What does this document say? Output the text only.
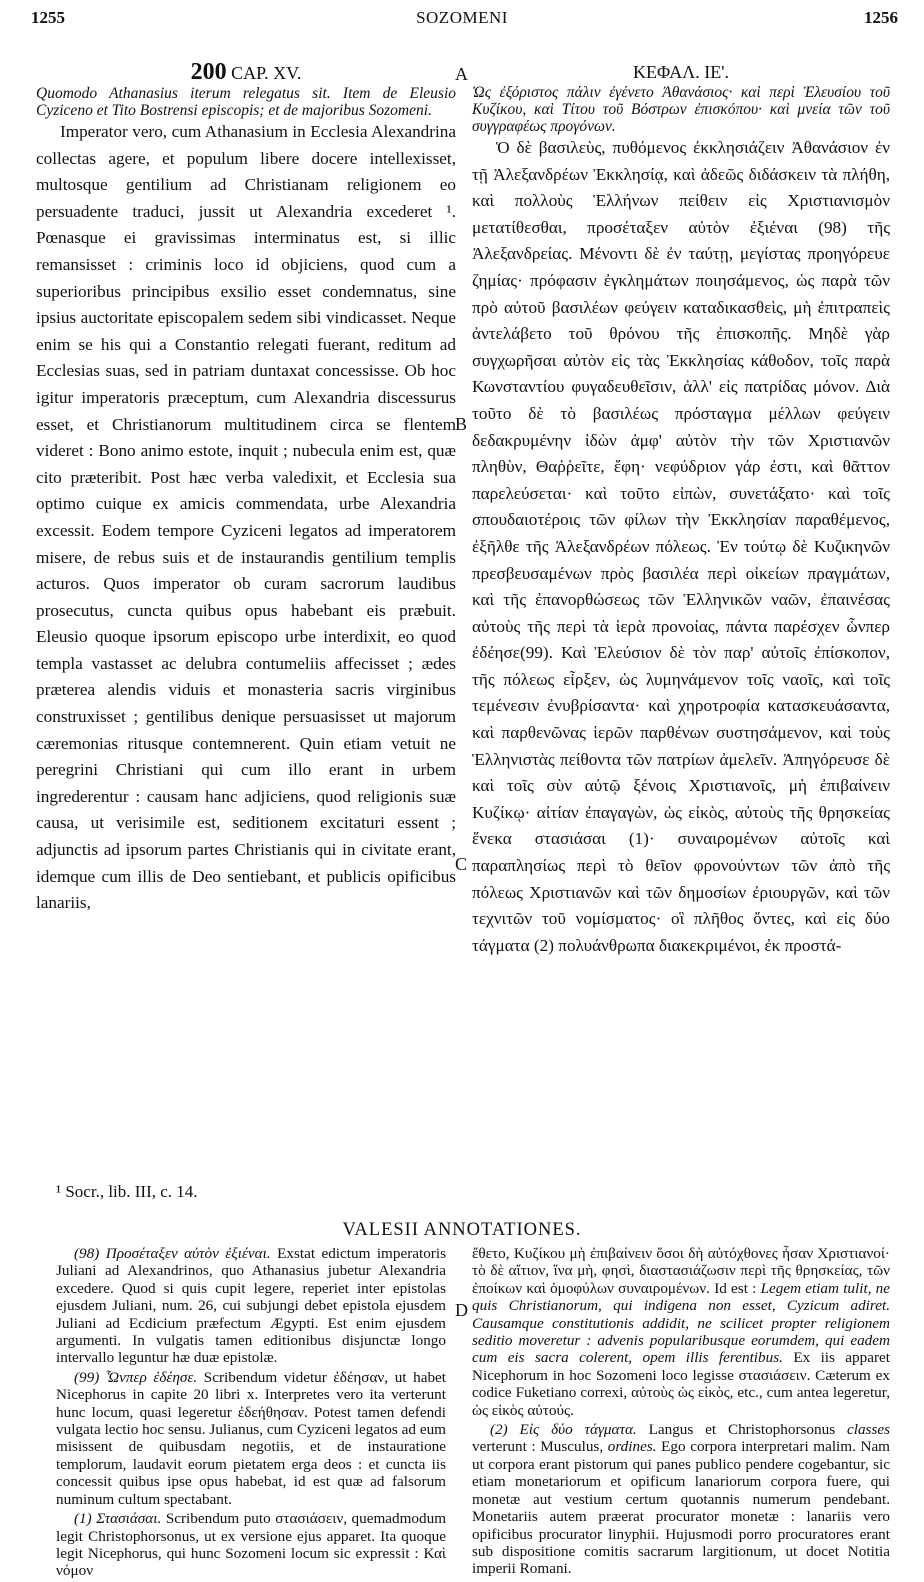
1255	SOZOMENI	1256
200 CAP. XV.

Quomodo Athanasius iterum relegatus sit. Item de Eleusio Cyziceno et Tito Bostrensi episcopis; et de majoribus Sozomeni.

Imperator vero, cum Athanasium in Ecclesia Alexandrina collectas agere, et populum libere docere intellexisset, multosque gentilium ad Christianam religionem eo persuadente traduci, jussit ut Alexandria excederet ¹. Pœnasque ei gravissimas interminatus est, si illic remansisset : criminis loco id objiciens, quod cum a superioribus principibus exsilio esset condemnatus, sine ipsius auctoritate episcopalem sedem sibi vindicasset. Neque enim se his qui a Constantio relegati fuerant, reditum ad Ecclesias suas, sed in patriam duntaxat concessisse. Ob hoc igitur imperatoris præceptum, cum Alexandria discessurus esset, et Christianorum multitudinem circa se flentem videret : Bono animo estote, inquit ; nubecula enim est, quæ cito præteribit. Post hæc verba valedixit, et Ecclesia sua optimo cuique ex amicis commendata, urbe Alexandria excessit. Eodem tempore Cyziceni legatos ad imperatorem misere, de rebus suis et de instaurandis gentilium templis acturos. Quos imperator ob curam sacrorum laudibus prosecutus, cuncta quibus opus habebant eis præbuit. Eleusio quoque ipsorum episcopo urbe interdixit, eo quod templa vastasset ac delubra contumeliis affecisset ; ædes præterea alendis viduis et monasteria sacris virginibus construxisset ; gentilibus denique persuasisset ut majorum cæremonias ritusque contemnerent. Quin etiam vetuit ne peregrini Christiani qui cum illo erant in urbem ingrederentur : causam hanc adjiciens, quod religionis suæ causa, ut verisimile est, seditionem excitaturi essent ; adjunctis ad ipsorum partes Christianis qui in civitate erant, idemque cum illis de Deo sentiebant, et publicis opificibus lanariis,

ΚΕΦΑΛ. ΙΕ'.

Ὡς ἐξόριστος πάλιν ἐγένετο Ἀθανάσιος· καὶ περὶ Ἐλευσίου τοῦ Κυζίκου, καὶ Τίτου τοῦ Βόστρων ἐπισκόπου· καὶ μνεία τῶν τοῦ συγγραφέως προγόνων.

Ὁ δὲ βασιλεὺς, πυθόμενος ἐκκλησιάζειν Ἀθανάσιον ἐν τῇ Ἀλεξανδρέων Ἐκκλησίᾳ, καὶ ἀδεῶς διδάσκειν τὰ πλήθη, καὶ πολλοὺς Ἑλλήνων πείθειν εἰς Χριστιανισμὸν μετατίθεσθαι, προσέταξεν αὐτὸν ἐξιέναι (98) τῆς Ἀλεξανδρείας. Μένοντι δὲ ἐν ταύτῃ, μεγίστας προηγόρευε ζημίας· πρόφασιν ἐγκλημάτων ποιησάμενος, ὡς παρὰ τῶν πρὸ αὐτοῦ βασιλέων φεύγειν καταδικασθεὶς, μὴ ἐπιτραπεὶς ἀντελάβετο τοῦ θρόνου τῆς ἐπισκοπῆς. Μηδὲ γὰρ συγχωρῆσαι αὐτὸν εἰς τὰς Ἐκκλησίας κάθοδον, τοῖς παρὰ Κωνσταντίου φυγαδευθεῖσιν, ἀλλ' εἰς πατρίδας μόνον. Διὰ τοῦτο δὲ τὸ βασιλέως πρόσταγμα μέλλων φεύγειν δεδακρυμένην ἰδὼν ἀμφ' αὐτὸν τὴν τῶν Χριστιανῶν πληθὺν, Θαῤῥεῖτε, ἔφη· νεφύδριον γάρ ἐστι, καὶ θᾶττον παρελεύσεται· καὶ τοῦτο εἰπὼν, συνετάξατο· καὶ τοῖς σπουδαιοτέροις τῶν φίλων τὴν Ἐκκλησίαν παραθέμενος, ἐξῆλθε τῆς Ἀλεξανδρέων πόλεως. Ἐν τούτῳ δὲ Κυζικηνῶν πρεσβευσαμένων πρὸς βασιλέα περὶ οἰκείων πραγμάτων, καὶ τῆς ἐπανορθώσεως τῶν Ἑλληνικῶν ναῶν, ἐπαινέσας αὐτοὺς τῆς περὶ τὰ ἱερὰ προνοίας, πάντα παρέσχεν ὧνπερ ἐδέησε(99). Καὶ Ἐλεύσιον δὲ τὸν παρ' αὐτοῖς ἐπίσκοπον, τῆς πόλεως εἶρξεν, ὡς λυμηνάμενον τοῖς ναοῖς, καὶ τοῖς τεμένεσιν ἐνυβρίσαντα· καὶ χηροτροφία κατασκευάσαντα, καὶ παρθενῶνας ἱερῶν παρθένων συστησάμενον, καὶ τοὺς Ἑλληνιστὰς πείθοντα τῶν πατρίων ἀμελεῖν. Ἀπηγόρευσε δὲ καὶ τοῖς σὺν αὐτῷ ξένοις Χριστιανοῖς, μὴ ἐπιβαίνειν Κυζίκῳ· αἰτίαν ἐπαγαγὼν, ὡς εἰκὸς, αὐτοὺς τῆς θρησκείας ἕνεκα στασιάσαι (1)· συναιρομένων αὐτοῖς καὶ παραπλησίως περὶ τὸ θεῖον φρονούντων τῶν ἀπὸ τῆς πόλεως Χριστιανῶν καὶ τῶν δημοσίων ἐριουργῶν, καὶ τῶν τεχνιτῶν τοῦ νομίσματος· οἳ πλῆθος ὄντες, καὶ εἰς δύο τάγματα (2) πολυάνθρωπα διακεκριμένοι, ἐκ προστά-

A
B
C
D
¹ Socr., lib. III, c. 14.
VALESII ANNOTATIONES.

(98) Προσέταξεν αὐτὸν ἐξιέναι. Exstat edictum imperatoris Juliani ad Alexandrinos, quo Athanasius jubetur Alexandria excedere. Quod si quis cupit legere, reperiet inter epistolas ejusdem Juliani, num. 26, cui subjungi debet epistola ejusdem Juliani ad Ecdicium præfectum Ægypti. Est enim ejusdem argumenti. In vulgatis tamen editionibus disjunctæ longo intervallo leguntur hæ duæ epistolæ.

(99) Ὧνπερ ἐδέησε. Scribendum videtur ἐδέησαν, ut habet Nicephorus in capite 20 libri x. Interpretes vero ita verterunt hunc locum, quasi legeretur ἐδεήθησαν. Potest tamen defendi vulgata lectio hoc sensu. Julianus, cum Cyziceni legatos ad eum misissent de quibusdam negotiis, et de instauratione templorum, laudavit eorum pietatem erga deos : et cuncta iis concessit quibus ipse opus habebat, id est quæ ad falsorum numinum cultum spectabant.

(1) Στασιάσαι. Scribendum puto στασιάσειν, quemadmodum legit Christophorsonus, ut ex versione ejus apparet. Ita quoque legit Nicephorus, qui hunc Sozomeni locum sic expressit : Καὶ νόμον

ἔθετο, Κυζίκου μὴ ἐπιβαίνειν ὅσοι δὴ αὐτόχθονες ἦσαν Χριστιανοί· τὸ δὲ αἴτιον, ἵνα μὴ, φησὶ, διαστασιάζωσιν περὶ τῆς θρησκείας, τῶν ἐποίκων καὶ ὁμοφύλων συναιρομένων. Id est : Legem etiam tulit, ne quis Christianorum, qui indigena non esset, Cyzicum adiret. Causamque constitutionis addidit, ne scilicet propter religionem seditio moveretur : advenis popularibusque eorumdem, qui eadem cum eis sacra colerent, opem illis ferentibus. Ex iis apparet Nicephorum in hoc Sozomeni loco legisse στασιάσειν. Cæterum ex codice Fuketiano correxi, αὐτοὺς ὡς εἰκὸς, etc., cum antea legeretur, ὡς εἰκὸς αὐτούς.

(2) Εἰς δύο τάγματα. Langus et Christophorsonus classes verterunt : Musculus, ordines. Ego corpora interpretari malim. Nam ut corpora erant pistorum qui panes publico pendere cogebantur, sic etiam monetariorum et opificum lanariorum corpora fuere, qui monetæ aut vestium certum quotannis numerum pendebant. Monetariis autem præerat procurator monetæ : lanariis vero opificibus procurator linyphii. Hujusmodi porro procuratores erant sub dispositione comitis sacrarum largitionum, ut docet Notitia imperii Romani.
